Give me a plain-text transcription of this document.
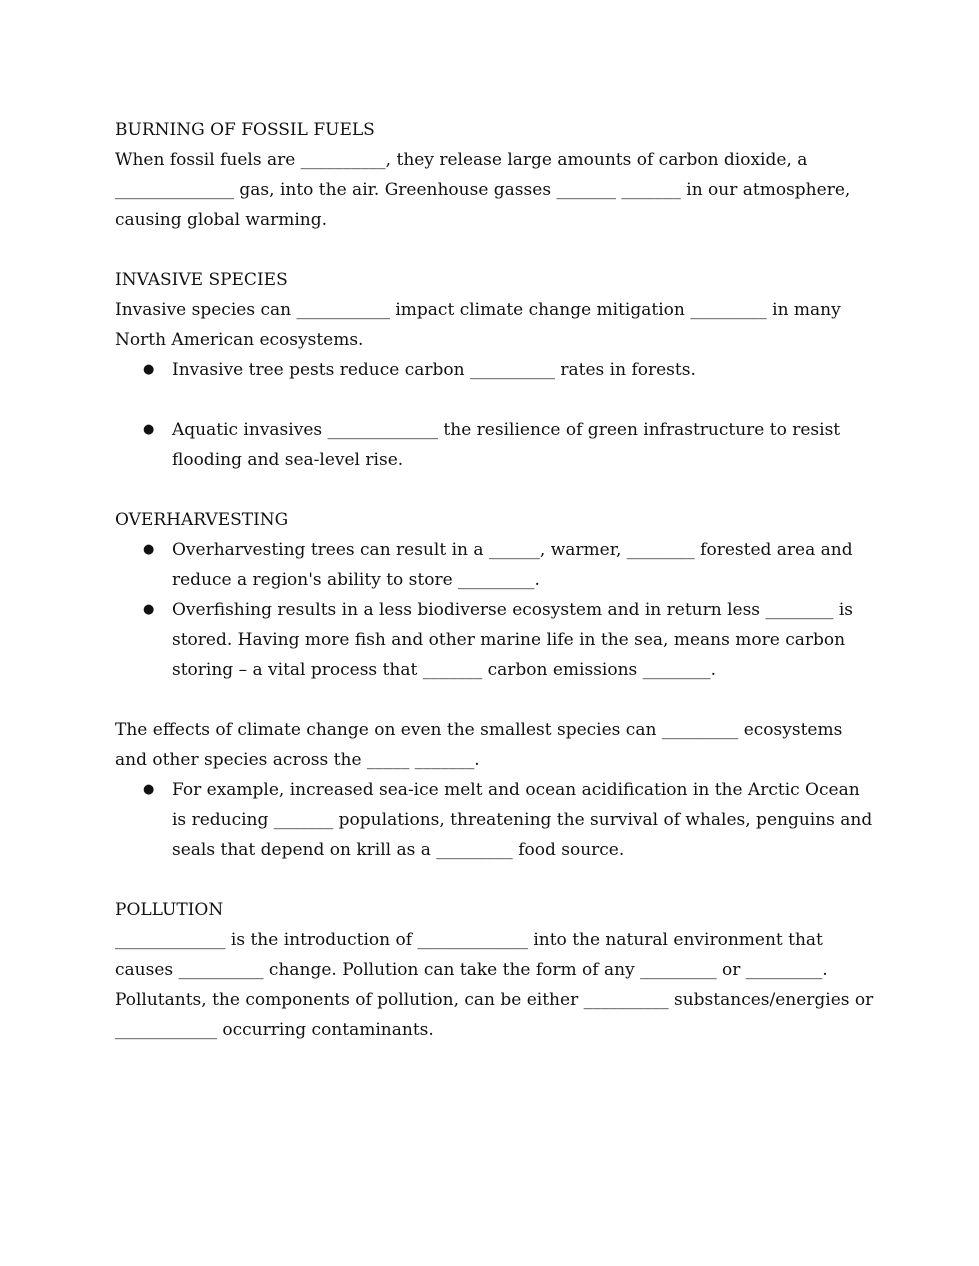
BURNING OF FOSSIL FUELS

When fossil fuels are __________, they release large amounts of carbon dioxide, a ______________ gas, into the air. Greenhouse gasses _______ _______ in our atmosphere, causing global warming.

INVASIVE SPECIES

Invasive species can ___________ impact climate change mitigation _________ in many North American ecosystems.

● Invasive tree pests reduce carbon __________ rates in forests.
● Aquatic invasives _____________ the resilience of green infrastructure to resist flooding and sea-level rise.

OVERHARVESTING

● Overharvesting trees can result in a ______, warmer, ________ forested area and reduce a region's ability to store _________.
● Overfishing results in a less biodiverse ecosystem and in return less ________ is stored. Having more fish and other marine life in the sea, means more carbon storing – a vital process that _______ carbon emissions ________.

The effects of climate change on even the smallest species can _________ ecosystems and other species across the _____ _______.

● For example, increased sea-ice melt and ocean acidification in the Arctic Ocean is reducing _______ populations, threatening the survival of whales, penguins and seals that depend on krill as a _________ food source.

POLLUTION

_____________ is the introduction of _____________ into the natural environment that causes __________ change. Pollution can take the form of any _________ or _________. Pollutants, the components of pollution, can be either __________ substances/energies or ____________ occurring contaminants.
